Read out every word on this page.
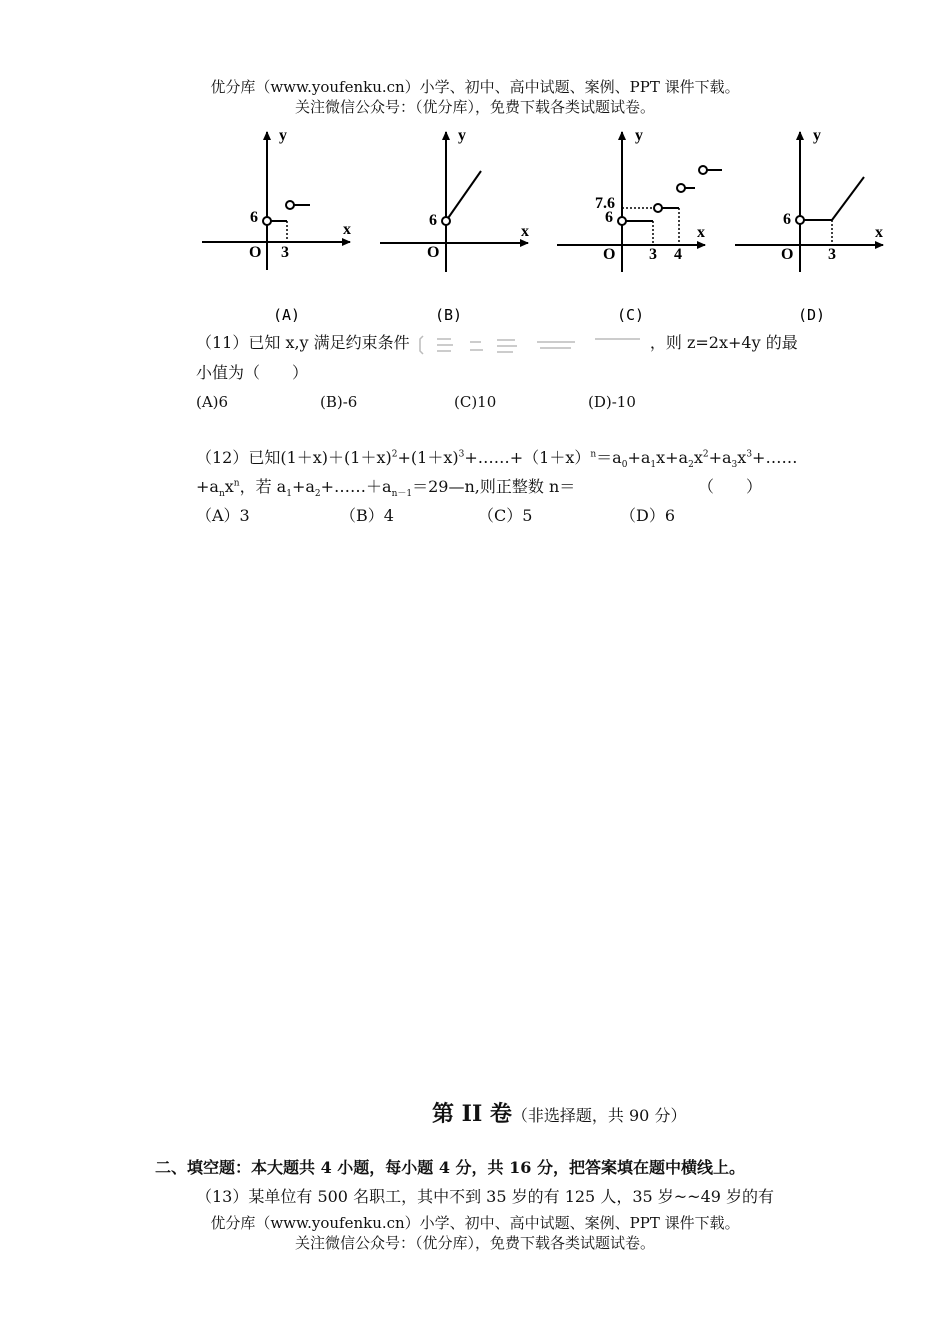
优分库（www.youfenku.cn）小学、初中、高中试题、案例、PPT 课件下载。
关注微信公众号：（优分库），免费下载各类试题试卷。
y
x
O
6
3
y
x
O
6
y
x
O
7.6
6
3 4
y
x
O
6
3
(A)	(B)	(C)	(D)
（11）已知 x,y 满足约束条件	，则 z=2x+4y 的最
小值为（　　）
(A)6	(B)-6	(C)10	(D)-10
（12）已知$(1+x)+(1+x)^2+(1+x)^3+\dots\dots+(1+x)^n=a_0+a_1x+a_2x^2+a_3x^3+\dots\dots$
$+a_nx^n$，若 $a_1+a_2+\dots\dots+a_{n-1}=29—n$,则正整数 n＝	（　　）
（A）3	（B）4	（C）5	（D）6
第 II 卷（非选择题，共 90 分）
二、填空题：本大题共 4 小题，每小题 4 分，共 16 分，把答案填在题中横线上。
（13）某单位有 500 名职工，其中不到 35 岁的有 125 人，35 岁~~49 岁的有
优分库（www.youfenku.cn）小学、初中、高中试题、案例、PPT 课件下载。
关注微信公众号：（优分库），免费下载各类试题试卷。
